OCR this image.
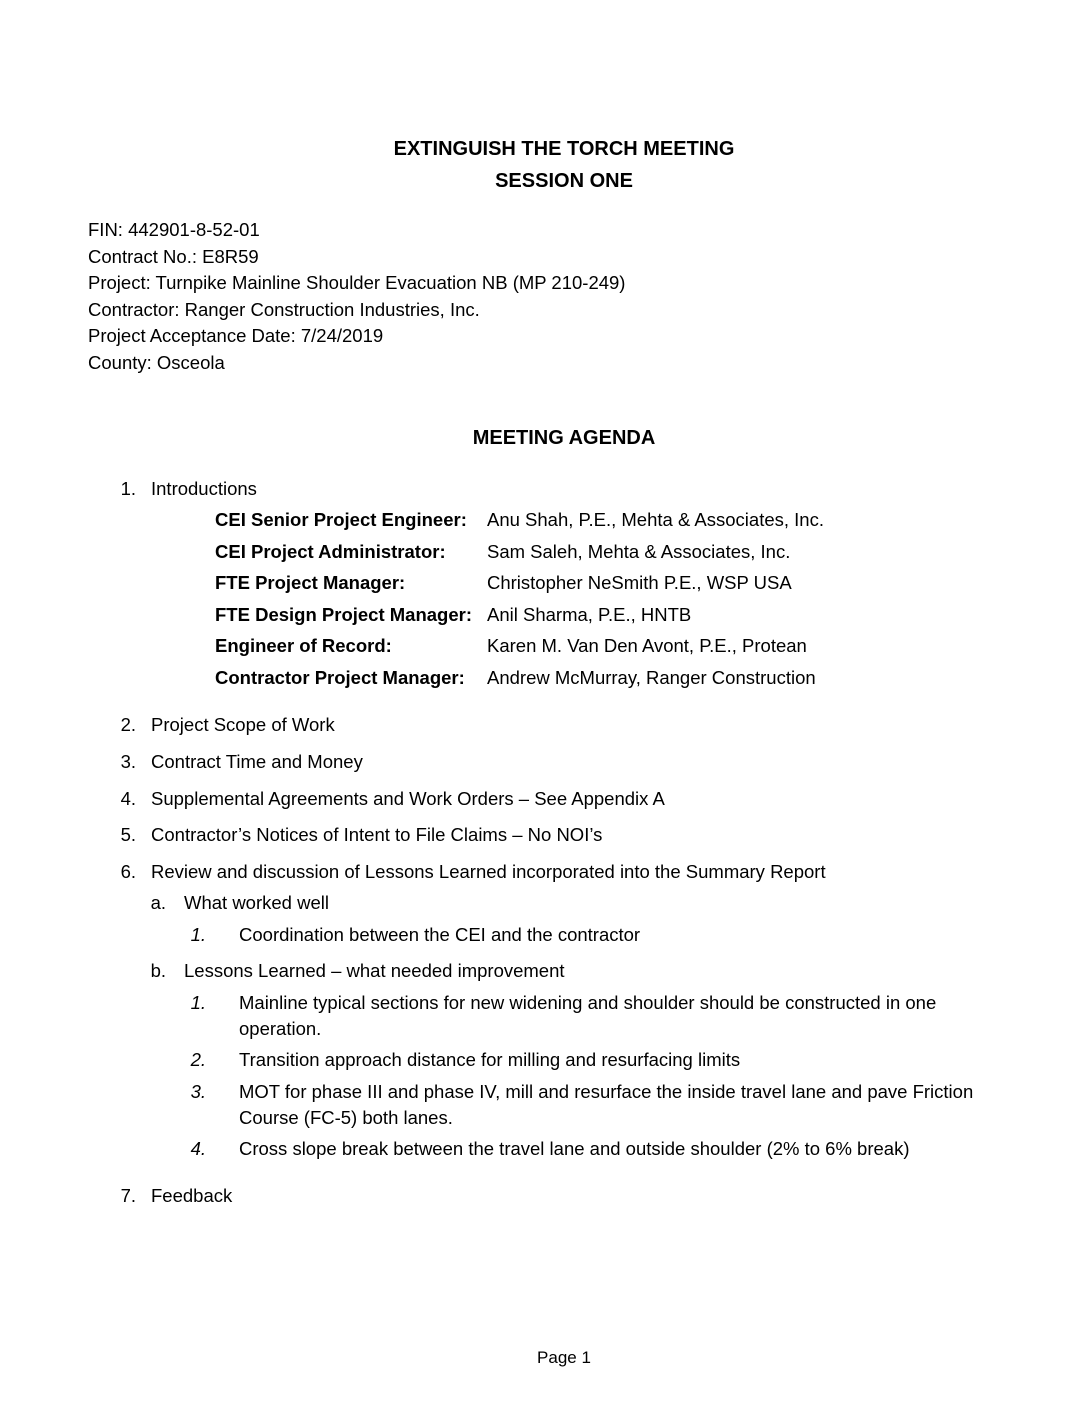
EXTINGUISH THE TORCH MEETING
SESSION ONE
FIN: 442901-8-52-01
Contract No.: E8R59
Project: Turnpike Mainline Shoulder Evacuation NB (MP 210-249)
Contractor: Ranger Construction Industries, Inc.
Project Acceptance Date: 7/24/2019
County: Osceola
MEETING AGENDA
1. Introductions
CEI Senior Project Engineer: Anu Shah, P.E., Mehta & Associates, Inc.
CEI Project Administrator: Sam Saleh, Mehta & Associates, Inc.
FTE Project Manager:	Christopher NeSmith P.E., WSP USA
FTE Design Project Manager: Anil Sharma, P.E., HNTB
Engineer of Record:	Karen M. Van Den Avont, P.E., Protean
Contractor Project Manager: Andrew McMurray, Ranger Construction
2. Project Scope of Work
3. Contract Time and Money
4. Supplemental Agreements and Work Orders – See Appendix A
5. Contractor’s Notices of Intent to File Claims – No NOI’s
6. Review and discussion of Lessons Learned incorporated into the Summary Report
a. What worked well
1. Coordination between the CEI and the contractor
b. Lessons Learned – what needed improvement
1. Mainline typical sections for new widening and shoulder should be constructed in one
operation.
2. Transition approach distance for milling and resurfacing limits
3. MOT for phase III and phase IV, mill and resurface the inside travel lane and pave Friction
Course (FC-5) both lanes.
4. Cross slope break between the travel lane and outside shoulder (2% to 6% break)
7. Feedback
Page 1
